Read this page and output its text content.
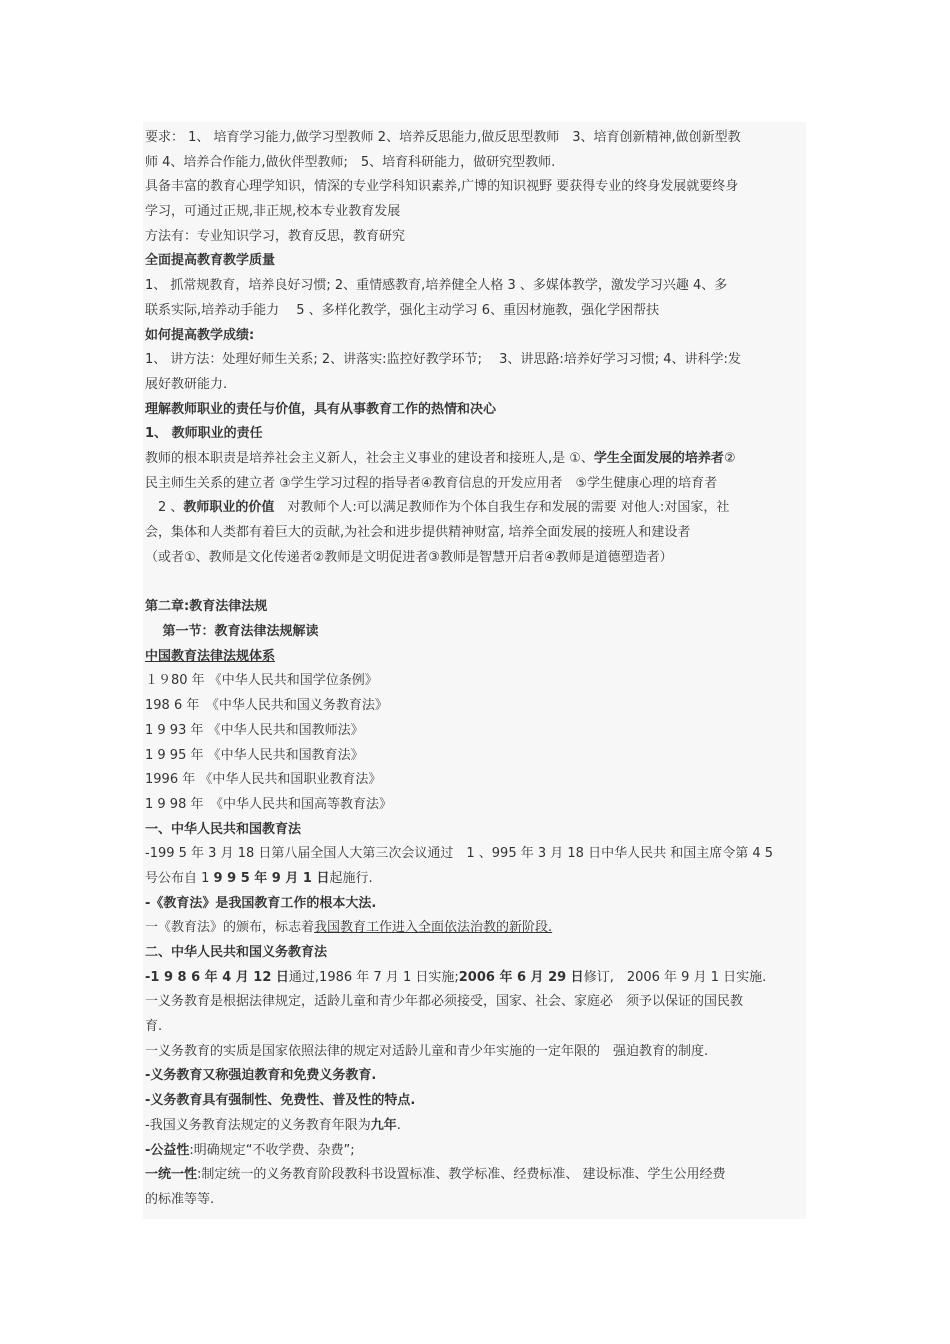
要求： 1、 培育学习能力,做学习型教师 2、培养反思能力,做反思型教师　3、培育创新精神,做创新型教
师 4、培养合作能力,做伙伴型教师;　5、培育科研能力，做研究型教师.
具备丰富的教育心理学知识，情深的专业学科知识素养,广博的知识视野 要获得专业的终身发展就要终身
学习，可通过正规,非正规,校本专业教育发展
方法有：专业知识学习，教育反思，教育研究
全面提高教育教学质量
1、 抓常规教育，培养良好习惯; 2、重情感教育,培养健全人格 3 、多媒体教学，激发学习兴趣 4、多
联系实际,培养动手能力　 5 、多样化教学，强化主动学习 6、重因材施教，强化学困帮扶
如何提高教学成绩:
1、 讲方法：处理好师生关系; 2、讲落实:监控好教学环节;　 3、讲思路:培养好学习习惯; 4、讲科学:发
展好教研能力.
理解教师职业的责任与价值，具有从事教育工作的热情和决心
1、 教师职业的责任
教师的根本职责是培养社会主义新人，社会主义事业的建设者和接班人,是 ①、学生全面发展的培养者②
民主师生关系的建立者 ③学生学习过程的指导者④教育信息的开发应用者　⑤学生健康心理的培育者
　2 、教师职业的价值　对教师个人:可以满足教师作为个体自我生存和发展的需要 对他人:对国家，社
会，集体和人类都有着巨大的贡献,为社会和进步提供精神财富, 培养全面发展的接班人和建设者
（或者①、教师是文化传递者②教师是文明促进者③教师是智慧开启者④教师是道德塑造者）
第二章:教育法律法规
　 第一节：教育法律法规解读
中国教育法律法规体系
１９80 年 《中华人民共和国学位条例》
198 6 年　《中华人民共和国义务教育法》
1 9 93 年 《中华人民共和国教师法》
1 9 95 年 《中华人民共和国教育法》
1996 年 《中华人民共和国职业教育法》
1 9 98 年　《中华人民共和国高等教育法》
一、中华人民共和国教育法
-199 5 年 3 月 18 日第八届全国人大第三次会议通过　1 、995 年 3 月 18 日中华人民共 和国主席令第 4 5
号公布自 1 9 9 5 年 9 月 1 日起施行.
-《教育法》是我国教育工作的根本大法.
一《教育法》的颁布，标志着我国教育工作进入全面依法治教的新阶段.
二、中华人民共和国义务教育法
-1 9 8 6 年 4 月 12 日通过,1986 年 7 月 1 日实施;2006 年 6 月 29 日修订,　2006 年 9 月 1 日实施.
一义务教育是根据法律规定，适龄儿童和青少年都必须接受，国家、社会、家庭必　须予以保证的国民教
育.
一义务教育的实质是国家依照法律的规定对适龄儿童和青少年实施的一定年限的　强迫教育的制度.
-义务教育又称强迫教育和免费义务教育.
-义务教育具有强制性、免费性、普及性的特点.
-我国义务教育法规定的义务教育年限为九年.
-公益性:明确规定“不收学费、杂费”;
一统一性:制定统一的义务教育阶段教科书设置标准、教学标准、经费标准、 建设标准、学生公用经费
的标准等等.
